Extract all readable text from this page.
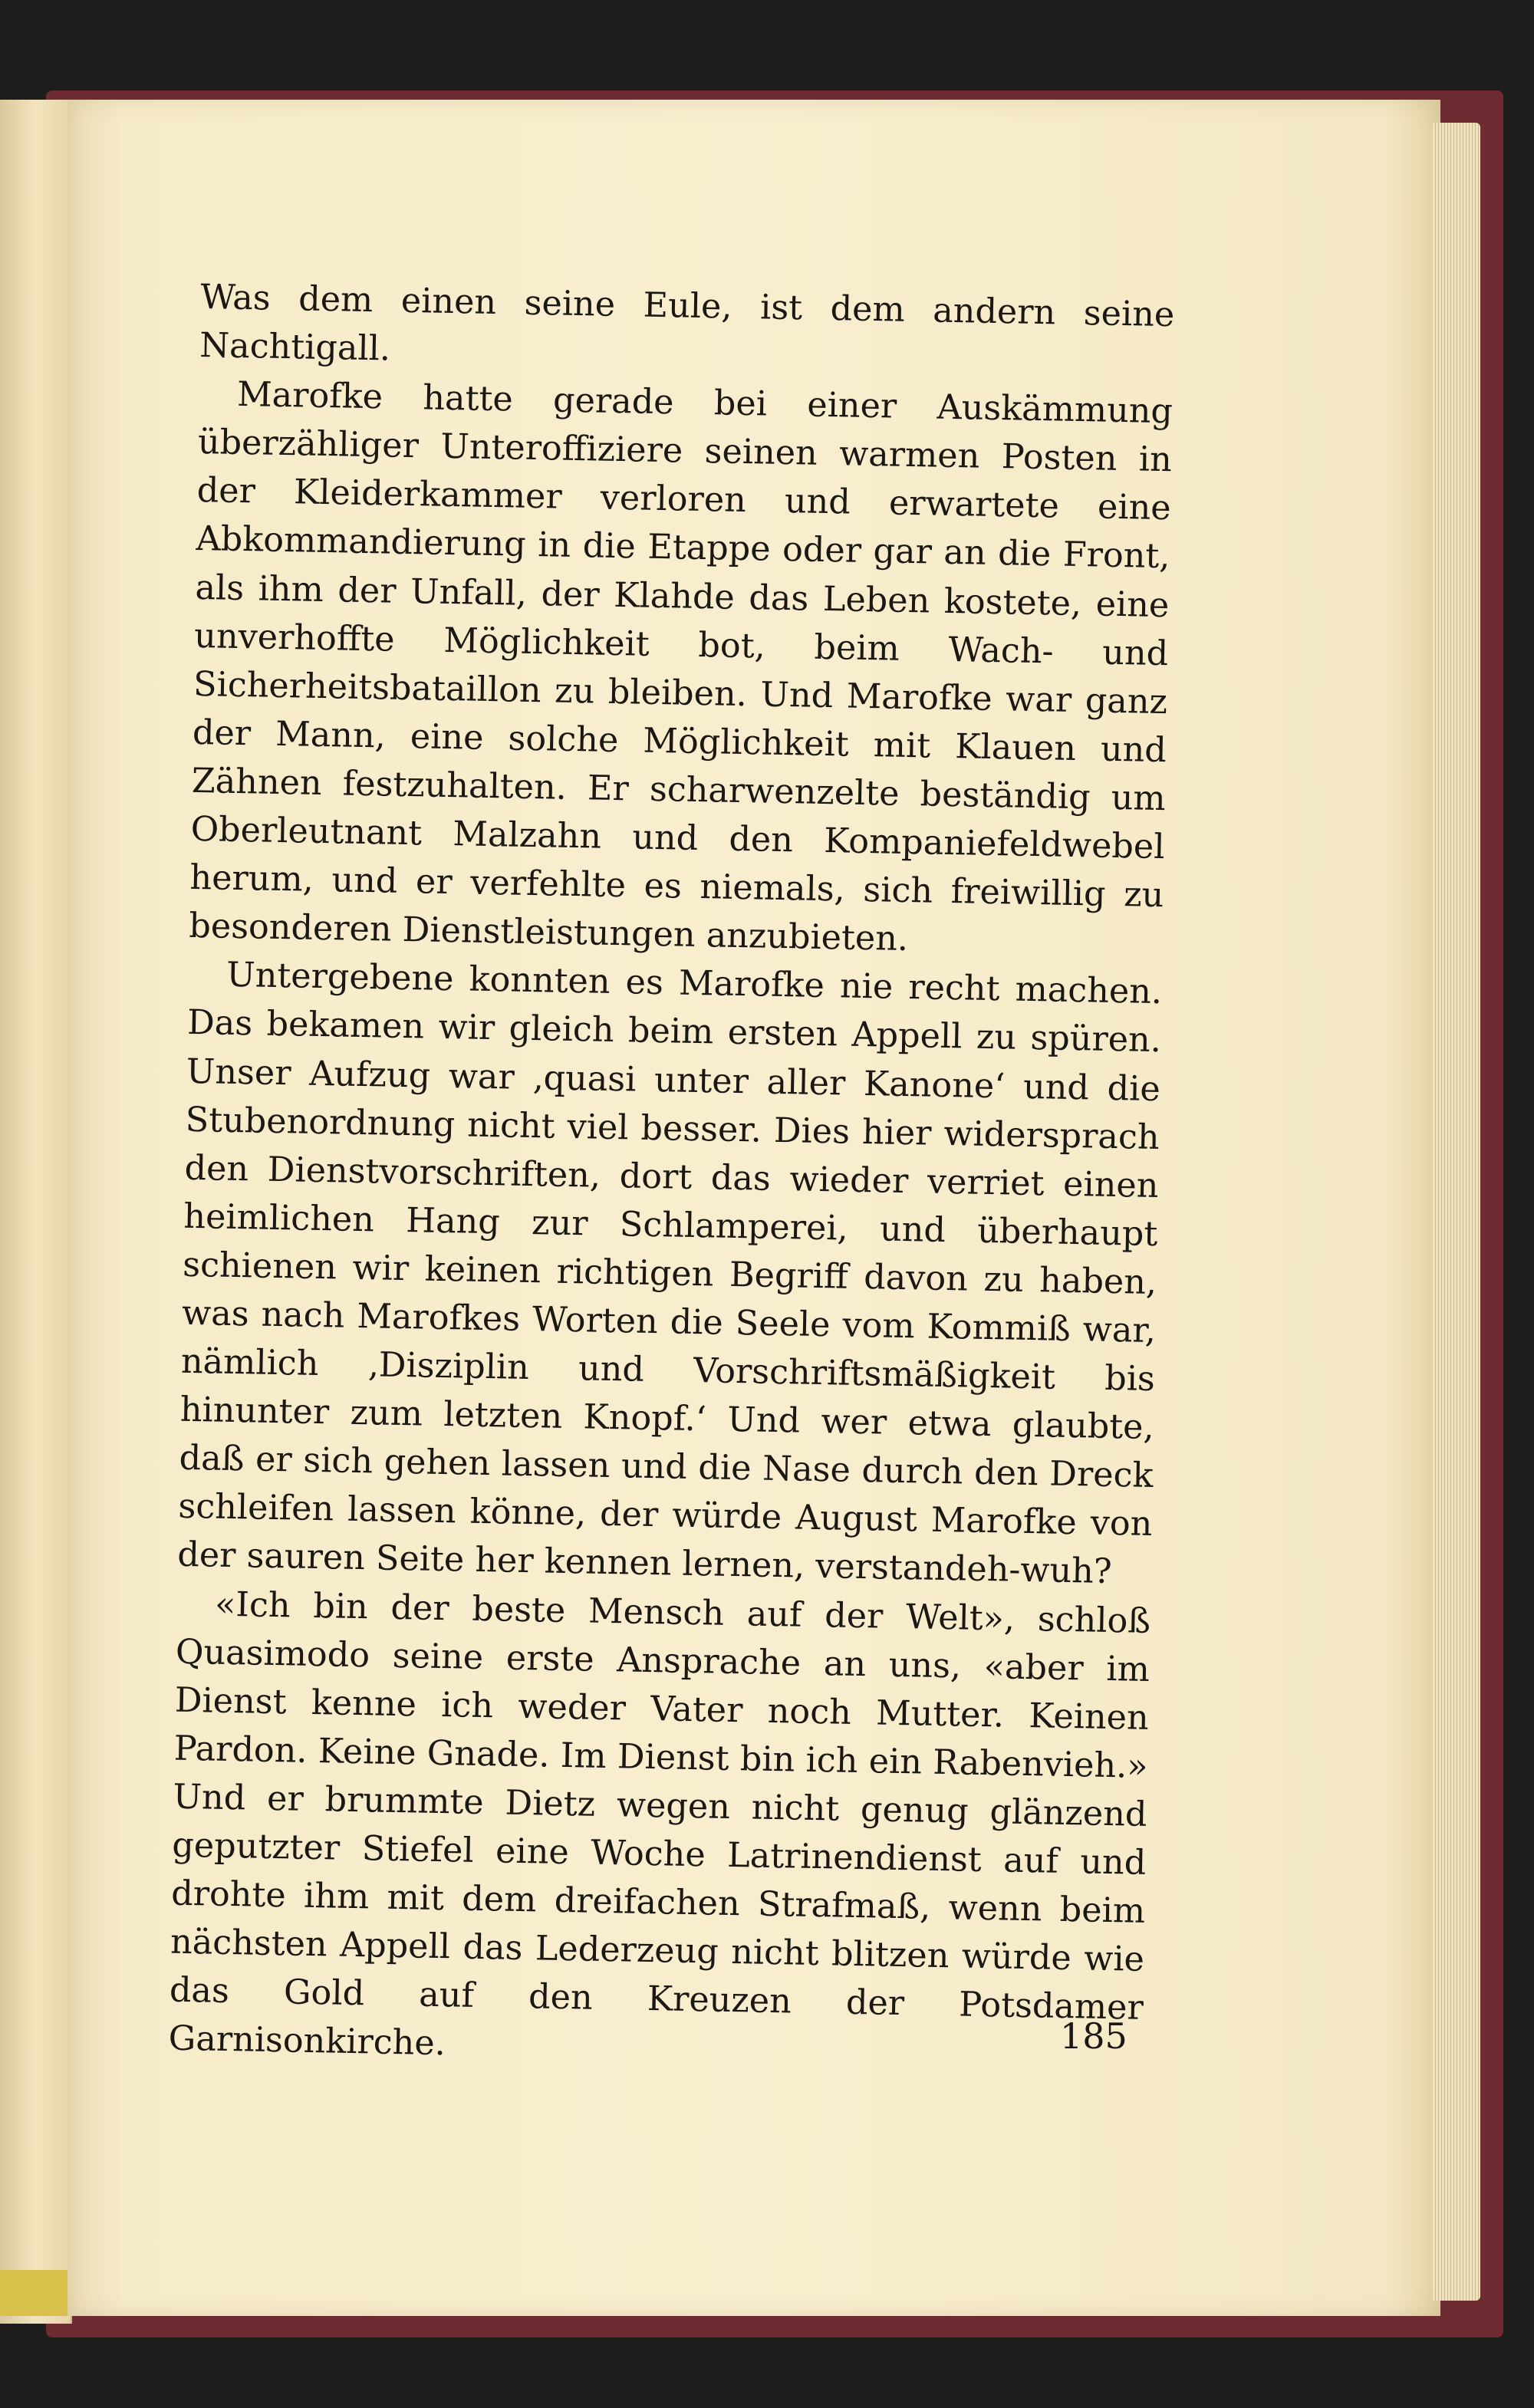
Was dem einen seine Eule, ist dem andern seine Nachtigall.

Marofke hatte gerade bei einer Auskämmung überzähliger Unteroffiziere seinen warmen Posten in der Kleiderkammer verloren und erwartete eine Abkommandierung in die Etappe oder gar an die Front, als ihm der Unfall, der Klahde das Leben kostete, eine unverhoffte Möglichkeit bot, beim Wach- und Sicherheitsbataillon zu bleiben. Und Marofke war ganz der Mann, eine solche Möglichkeit mit Klauen und Zähnen festzuhalten. Er scharwenzelte beständig um Oberleutnant Malzahn und den Kompaniefeldwebel herum, und er verfehlte es niemals, sich freiwillig zu besonderen Dienstleistungen anzubieten.

Untergebene konnten es Marofke nie recht machen. Das bekamen wir gleich beim ersten Appell zu spüren. Unser Aufzug war ‚quasi unter aller Kanone‘ und die Stubenordnung nicht viel besser. Dies hier widersprach den Dienstvorschriften, dort das wieder verriet einen heimlichen Hang zur Schlamperei, und überhaupt schienen wir keinen richtigen Begriff davon zu haben, was nach Marofkes Worten die Seele vom Kommiß war, nämlich ‚Disziplin und Vorschriftsmäßigkeit bis hinunter zum letzten Knopf.‘ Und wer etwa glaubte, daß er sich gehen lassen und die Nase durch den Dreck schleifen lassen könne, der würde August Marofke von der sauren Seite her kennen lernen, verstandeh-wuh?

«Ich bin der beste Mensch auf der Welt», schloß Quasimodo seine erste Ansprache an uns, «aber im Dienst kenne ich weder Vater noch Mutter. Keinen Pardon. Keine Gnade. Im Dienst bin ich ein Rabenvieh.» Und er brummte Dietz wegen nicht genug glänzend geputzter Stiefel eine Woche Latrinendienst auf und drohte ihm mit dem dreifachen Strafmaß, wenn beim nächsten Appell das Lederzeug nicht blitzen würde wie das Gold auf den Kreuzen der Potsdamer Garnisonkirche.	185
